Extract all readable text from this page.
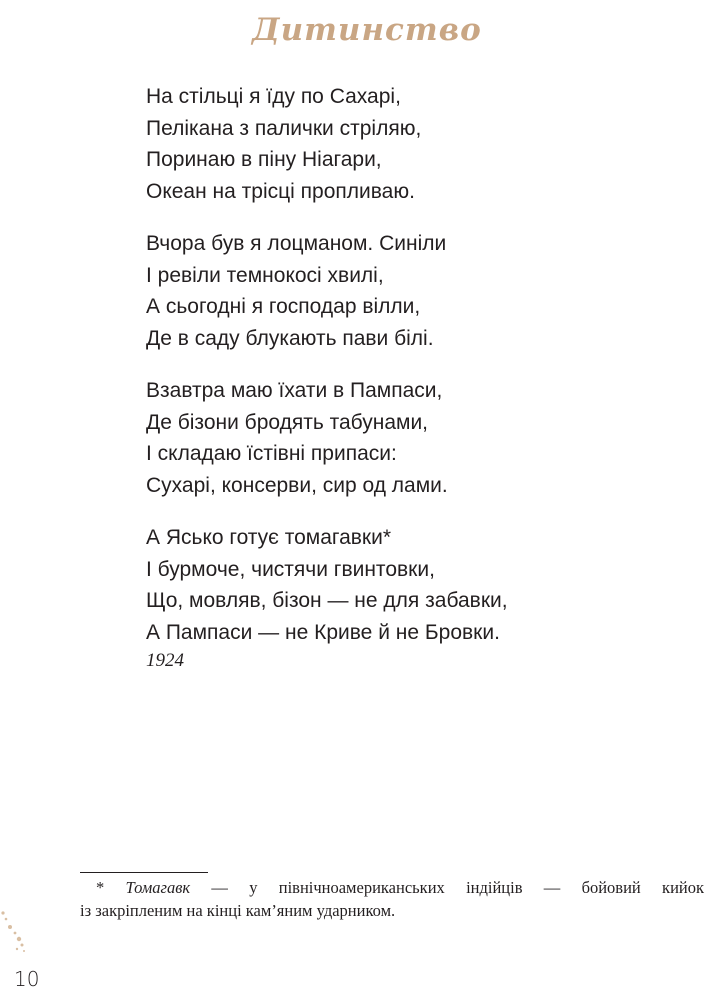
Дитинство
На стільці я їду по Сахарі,
Пелікана з палички стріляю,
Поринаю в піну Ніагари,
Океан на трісці пропливаю.
Вчора був я лоцманом. Синіли
І ревіли темнокосі хвилі,
А сьогодні я господар вілли,
Де в саду блукають пави білі.
Взавтра маю їхати в Пампаси,
Де бізони бродять табунами,
І складаю їстівні припаси:
Сухарі, консерви, сир од лами.
А Ясько готує томагавки*
І бурмоче, чистячи гвинтовки,
Що, мовляв, бізон — не для забавки,
А Пампаси — не Криве й не Бровки.
1924
* Томагавк — у північноамериканських індійців — бойовий кийок
із закріпленим на кінці кам’яним ударником.
10
